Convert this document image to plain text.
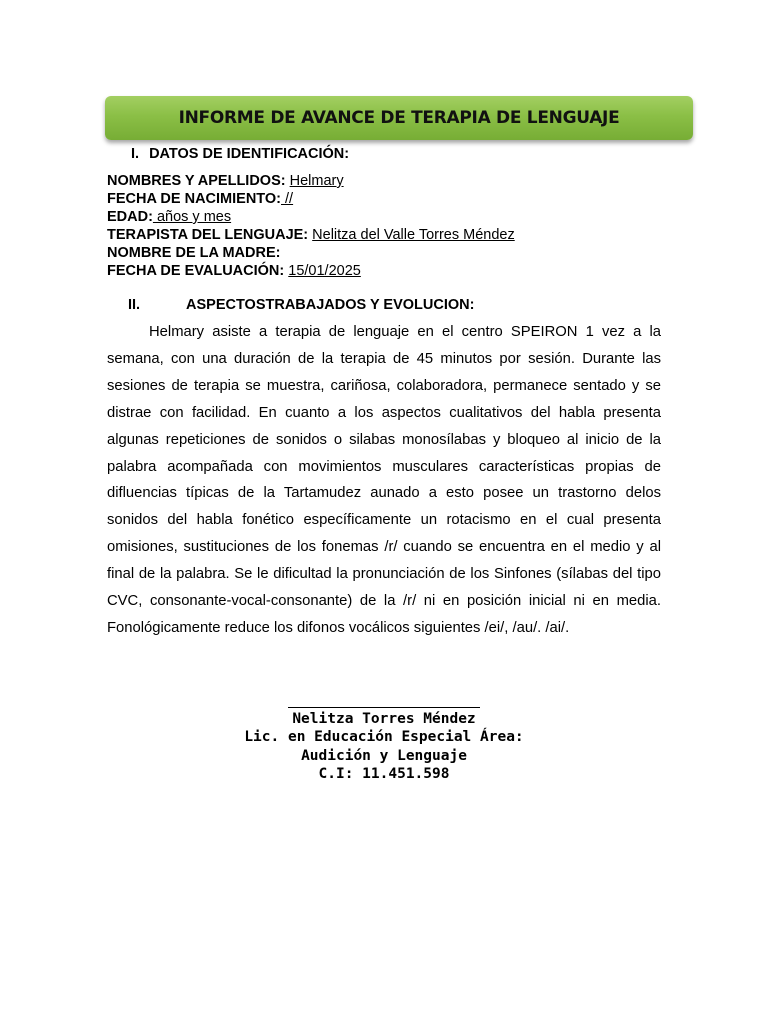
INFORME DE AVANCE DE TERAPIA DE LENGUAJE
I. DATOS DE IDENTIFICACIÓN:
NOMBRES Y APELLIDOS: Helmary
FECHA DE NACIMIENTO: //
EDAD: años y mes
TERAPISTA DEL LENGUAJE: Nelitza del Valle Torres Méndez
NOMBRE DE LA MADRE:
FECHA DE EVALUACIÓN: 15/01/2025
II.	ASPECTOSTRABAJADOS Y EVOLUCION:
Helmary asiste a terapia de lenguaje en el centro SPEIRON 1 vez a la semana, con una duración de la terapia de 45 minutos por sesión. Durante las sesiones de terapia se muestra, cariñosa, colaboradora, permanece sentado y se distrae con facilidad. En cuanto a los aspectos cualitativos del habla presenta algunas repeticiones de sonidos o silabas monosílabas y bloqueo al inicio de la palabra acompañada con movimientos musculares características propias de difluencias típicas de la Tartamudez aunado a esto posee un trastorno delos sonidos del habla fonético específicamente un rotacismo en el cual presenta omisiones, sustituciones de los fonemas /r/ cuando se encuentra en el medio y al final de la palabra. Se le dificultad la pronunciación de los Sinfones (sílabas del tipo CVC, consonante-vocal-consonante) de la /r/ ni en posición inicial ni en media. Fonológicamente reduce los difonos vocálicos siguientes /ei/, /au/. /ai/.
Nelitza Torres Méndez
Lic. en Educación Especial Área:
Audición y Lenguaje
C.I: 11.451.598
